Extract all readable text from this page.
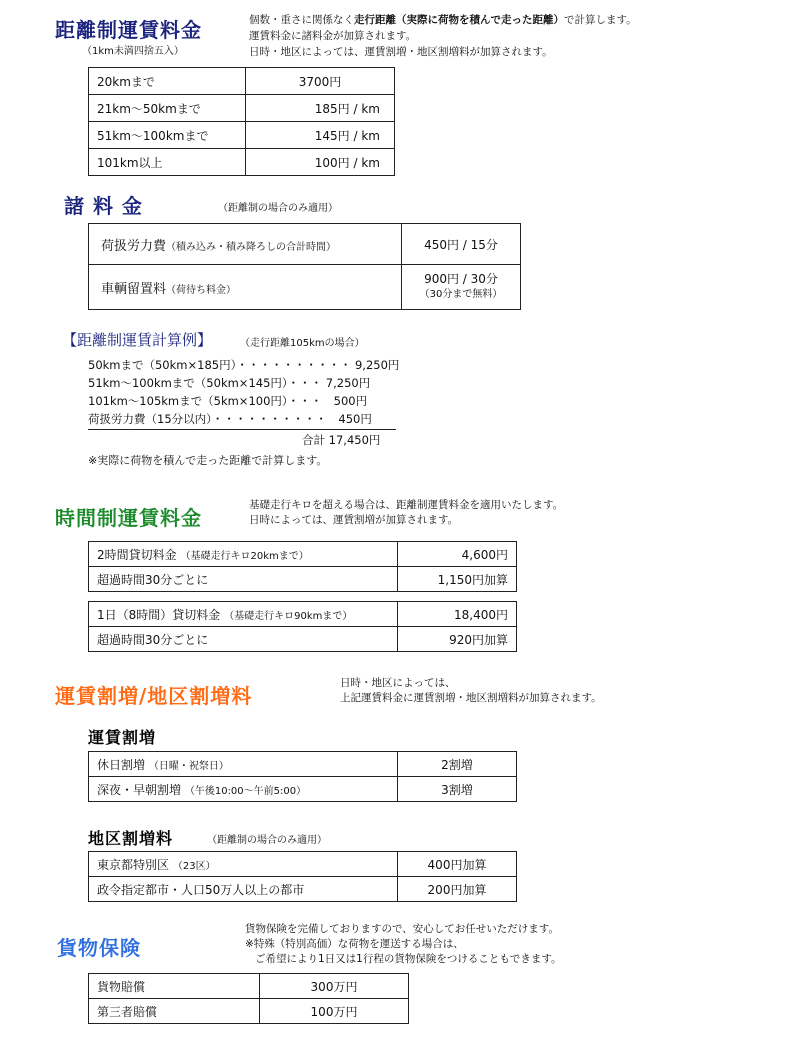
距離制運賃料金
（1km未満四捨五入）
個数・重さに関係なく走行距離（実際に荷物を積んで走った距離）で計算します。
運賃料金に諸料金が加算されます。
日時・地区によっては、運賃割増・地区割増料が加算されます。
20kmまで	3700円
21km～50kmまで	185円 / km
51km～100kmまで	145円 / km
101km以上	100円 / km
諸 料 金	（距離制の場合のみ適用）
荷扱労力費（積み込み・積み降ろしの合計時間）	450円 / 15分
車輌留置料（荷待ち料金）	900円 / 30分
（30分まで無料）
【距離制運賃計算例】	（走行距離105kmの場合）
50kmまで（50km×185円）・・・・・・・・・・ 9,250円
51km～100kmまで（50km×145円）・・・ 7,250円
101km～105kmまで（5km×100円）・・・　500円
荷扱労力費（15分以内）・・・・・・・・・・　450円
合計 17,450円
※実際に荷物を積んで走った距離で計算します。
時間制運賃料金
基礎走行キロを超える場合は、距離制運賃料金を適用いたします。
日時によっては、運賃割増が加算されます。
2時間貸切料金 （基礎走行キロ20kmまで）	4,600円
超過時間30分ごとに	1,150円加算
1日（8時間）貸切料金 （基礎走行キロ90kmまで）	18,400円
超過時間30分ごとに	920円加算
運賃割増/地区割増料
日時・地区によっては、
上記運賃料金に運賃割増・地区割増料が加算されます。
運賃割増
休日割増 （日曜・祝祭日）	2割増
深夜・早朝割増 （午後10:00～午前5:00）	3割増
地区割増料	（距離制の場合のみ適用）
東京都特別区 （23区）	400円加算
政令指定都市・人口50万人以上の都市	200円加算
貨物保険
貨物保険を完備しておりますので、安心してお任せいただけます。
※特殊（特別高価）な荷物を運送する場合は、
ご希望により1日又は1行程の貨物保険をつけることもできます。
貨物賠償	300万円
第三者賠償	100万円
